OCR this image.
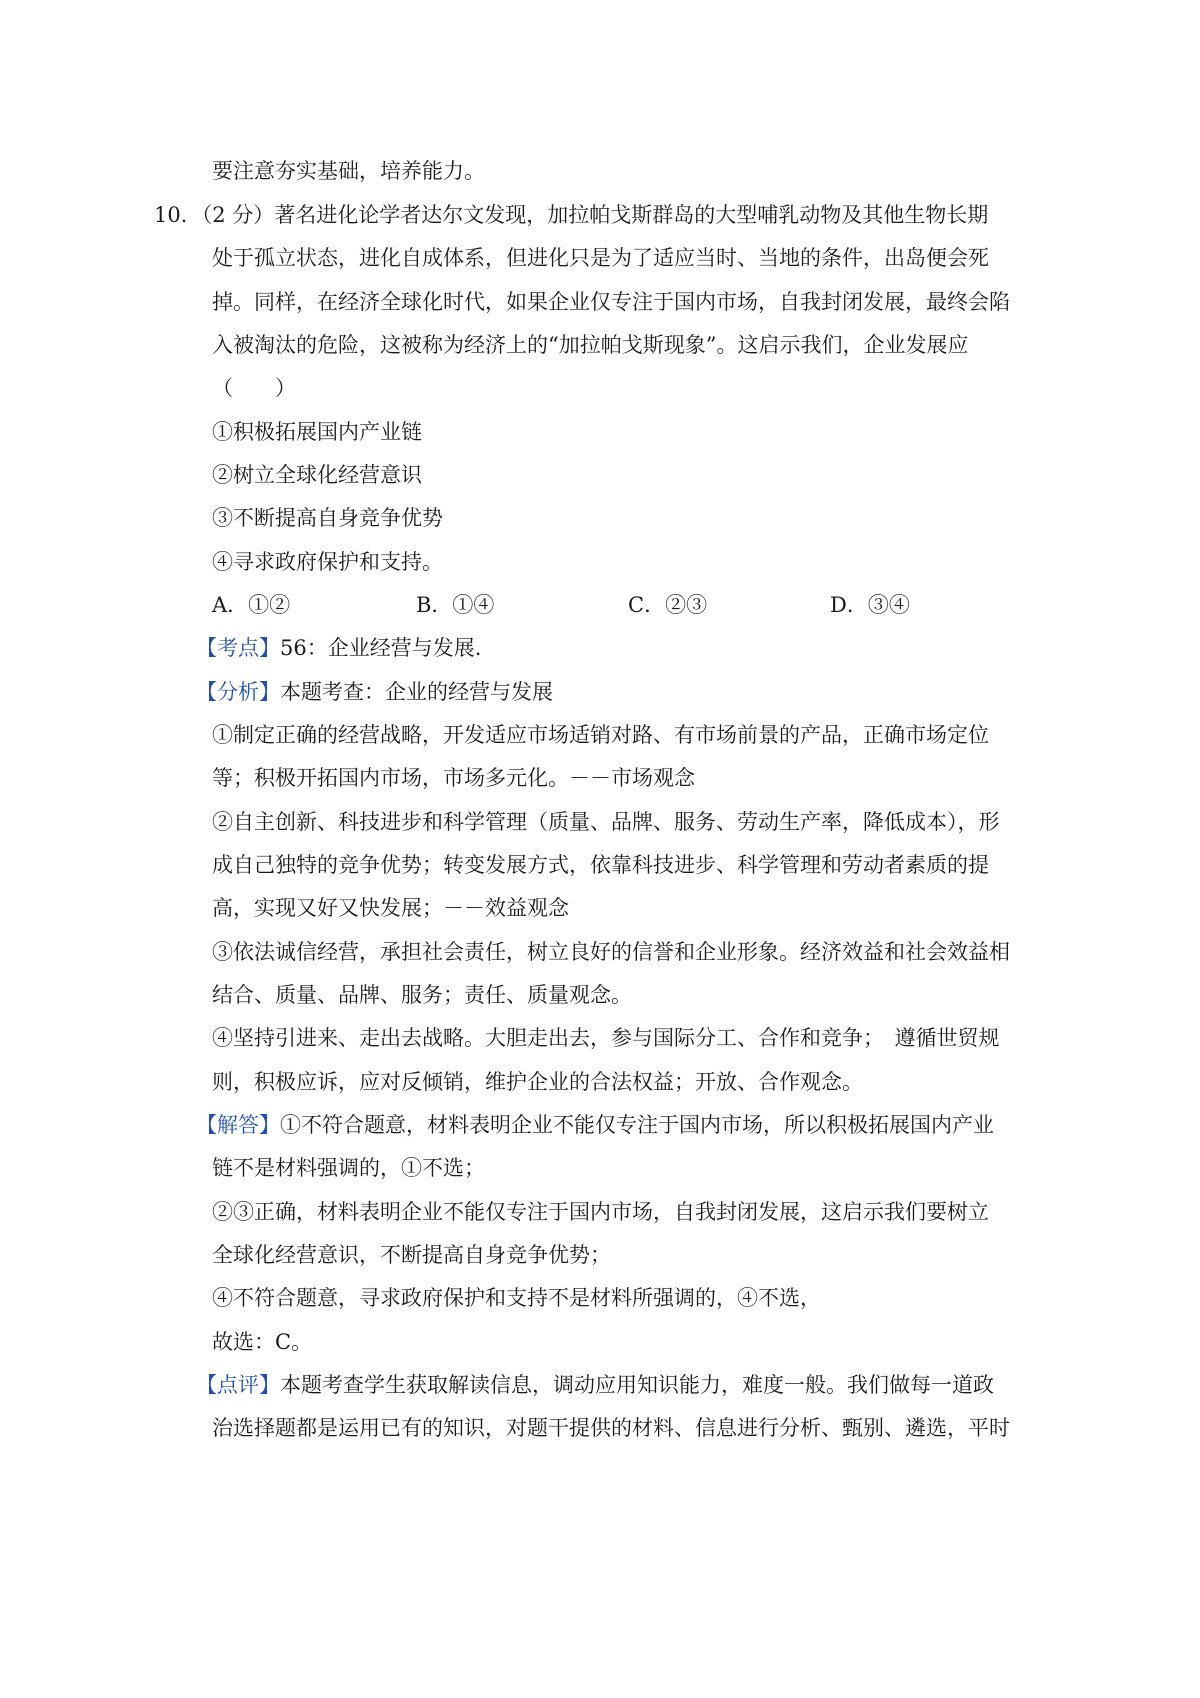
要注意夯实基础，培养能力。
10．（2 分）著名进化论学者达尔文发现，加拉帕戈斯群岛的大型哺乳动物及其他生物长期
处于孤立状态，进化自成体系，但进化只是为了适应当时、当地的条件，出岛便会死
掉。同样，在经济全球化时代，如果企业仅专注于国内市场，自我封闭发展，最终会陷
入被淘汰的危险，这被称为经济上的“加拉帕戈斯现象”。这启示我们，企业发展应
（　　）
①积极拓展国内产业链
②树立全球化经营意识
③不断提高自身竞争优势
④寻求政府保护和支持。
A．①②	B．①④	C．②③	D．③④
【考点】56：企业经营与发展.
【分析】本题考查：企业的经营与发展
①制定正确的经营战略，开发适应市场适销对路、有市场前景的产品，正确市场定位
等；积极开拓国内市场，市场多元化。－－市场观念
②自主创新、科技进步和科学管理（质量、品牌、服务、劳动生产率，降低成本），形
成自己独特的竞争优势；转变发展方式，依靠科技进步、科学管理和劳动者素质的提
高，实现又好又快发展；－－效益观念
③依法诚信经营，承担社会责任，树立良好的信誉和企业形象。经济效益和社会效益相
结合、质量、品牌、服务；责任、质量观念。
④坚持引进来、走出去战略。大胆走出去，参与国际分工、合作和竞争；　遵循世贸规
则，积极应诉，应对反倾销，维护企业的合法权益；开放、合作观念。
【解答】①不符合题意，材料表明企业不能仅专注于国内市场，所以积极拓展国内产业
链不是材料强调的，①不选；
②③正确，材料表明企业不能仅专注于国内市场，自我封闭发展，这启示我们要树立
全球化经营意识，不断提高自身竞争优势；
④不符合题意，寻求政府保护和支持不是材料所强调的，④不选，
故选：C。
【点评】本题考查学生获取解读信息，调动应用知识能力，难度一般。我们做每一道政
治选择题都是运用已有的知识，对题干提供的材料、信息进行分析、甄别、遴选，平时
